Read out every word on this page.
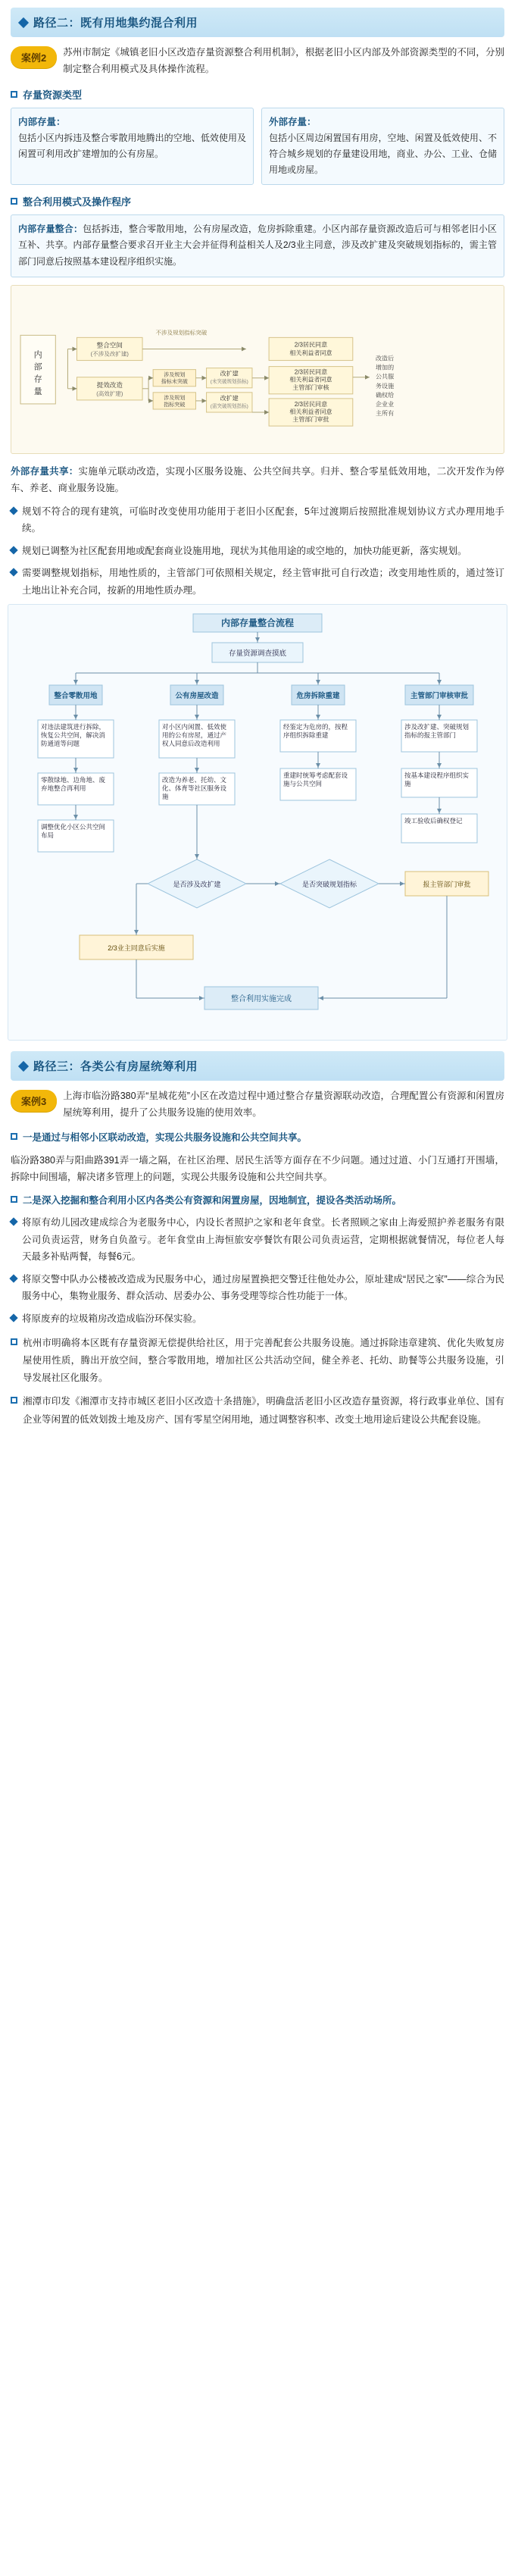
路径二：既有用地集约混合利用
案例2	苏州市制定《城镇老旧小区改造存量资源整合利用机制》，根据老旧小区内部及外部资源类型的不同，分别制定整合利用模式及具体操作流程。
存量资源类型
内部存量：
包括小区内拆违及整合零散用地腾出的空地、低效使用及闲置可利用改扩建增加的公有房屋。
外部存量：
包括小区周边闲置国有用房，空地、闲置及低效使用、不符合城乡规划的存量建设用地，商业、办公、工业、仓储用地或房屋。
整合利用模式及操作程序
内部存量整合：包括拆违，整合零散用地，公有房屋改造，危房拆除重建。小区内部存量资源改造后可与相邻老旧小区互补、共享。内部存量整合要求召开业主大会并征得利益相关人及2/3业主同意，涉及改扩建及突破规划指标的，需主管部门同意后按照基本建设程序组织实施。
内
部
存
量
整合空间
(不涉及改扩建)
提效改造
(高效扩建)
不涉及规划指标突破
涉及规划
指标未突破
涉及规划
指标突破
改扩建
(未突破规划指标)
改扩建
(需突破规划指标)
2/3居民同意
相关利益者同意
2/3居民同意
相关利益者同意
主管部门审核
2/3居民同意
相关利益者同意
主管部门审批
改造后
增加的
公共服
务设施
确权给
企业业
主所有
外部存量共享：实施单元联动改造，实现小区服务设施、公共空间共享。归并、整合零星低效用地，二次开发作为停车、养老、商业服务设施。
规划不符合的现有建筑，可临时改变使用功能用于老旧小区配套，5年过渡期后按照批准规划协议方式办理用地手续。
规划已调整为社区配套用地或配套商业设施用地，现状为其他用途的或空地的，加快功能更新，落实规划。
需要调整规划指标，用地性质的，主管部门可依照相关规定，经主管审批可自行改造；改变用地性质的，通过签订土地出让补充合同，按新的用地性质办理。
内部存量整合流程
存量资源调查摸底
整合零散用地	公有房屋改造	危房拆除重建	主管部门审核审批
对违法建筑进行拆除，恢复公共空间，解决消防通道等问题
零散绿地、边角地、废弃地整合再利用
调整优化小区公共空间布局
对小区内闲置、低效使用的公有房屋，通过产权人同意后改造利用
改造为养老、托幼、文化、体育等社区服务设施
经鉴定为危房的，按程序组织拆除重建
重建时统筹考虑配套设施与公共空间
涉及改扩建、突破规划指标的报主管部门
按基本建设程序组织实施
竣工验收后确权登记
是否涉及改扩建	是否突破规划指标	报主管部门审批
2/3业主同意后实施
整合利用实施完成
路径三：各类公有房屋统筹利用
案例3	上海市临汾路380弄“星城花苑”小区在改造过程中通过整合存量资源联动改造，合理配置公有资源和闲置房屋统筹利用，提升了公共服务设施的使用效率。
一是通过与相邻小区联动改造，实现公共服务设施和公共空间共享。
临汾路380弄与阳曲路391弄一墙之隔，在社区治理、居民生活等方面存在不少问题。通过过道、小门互通打开围墙，拆除中间围墙，解决诸多管理上的问题，实现公共服务设施和公共空间共享。
二是深入挖掘和整合利用小区内各类公有资源和闲置房屋，因地制宜，提设各类活动场所。
将原有幼儿园改建成综合为老服务中心，内设长者照护之家和老年食堂。长者照顾之家由上海爱照护养老服务有限公司负责运营，财务自负盈亏。老年食堂由上海恒旅安亭餐饮有限公司负责运营，定期根据就餐情况，每位老人每天最多补贴两餐，每餐6元。
将原交警中队办公楼被改造成为民服务中心，通过房屋置换把交警迁往他处办公，原址建成“居民之家”——综合为民服务中心，集物业服务、群众活动、居委办公、事务受理等综合性功能于一体。
将原废弃的垃圾箱房改造成临汾环保实验。
杭州市明确将本区既有存量资源无偿提供给社区，用于完善配套公共服务设施。通过拆除违章建筑、优化失败复房屋使用性质，腾出开放空间，整合零散用地，增加社区公共活动空间，健全养老、托幼、助餐等公共服务设施，引导发展社区化服务。
湘潭市印发《湘潭市支持市城区老旧小区改造十条措施》，明确盘活老旧小区改造存量资源，将行政事业单位、国有企业等闲置的低效划拨土地及房产、国有零星空闲用地，通过调整容积率、改变土地用途后建设公共配套设施。
